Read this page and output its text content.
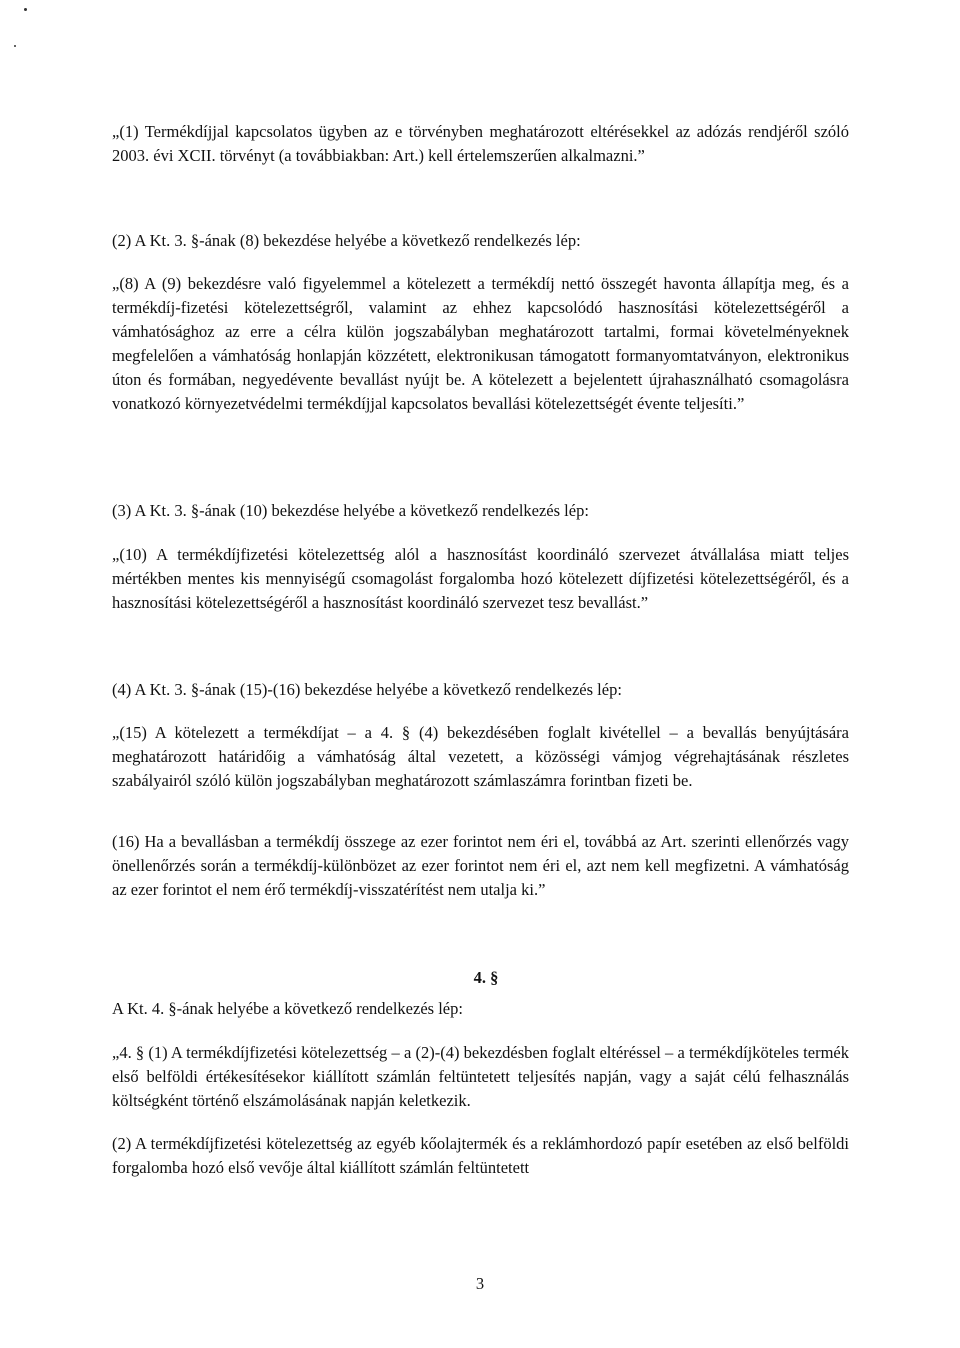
„(1) Termékdíjjal kapcsolatos ügyben az e törvényben meghatározott eltérésekkel az adózás rendjéről szóló 2003. évi XCII. törvényt (a továbbiakban: Art.) kell értelemszerűen alkalmazni.”

(2) A Kt. 3. §-ának (8) bekezdése helyébe a következő rendelkezés lép:

„(8) A (9) bekezdésre való figyelemmel a kötelezett a termékdíj nettó összegét havonta állapítja meg, és a termékdíj-fizetési kötelezettségről, valamint az ehhez kapcsolódó hasznosítási kötelezettségéről a vámhatósághoz az erre a célra külön jogszabályban meghatározott tartalmi, formai követelményeknek megfelelően a vámhatóság honlapján közzétett, elektronikusan támogatott formanyomtatványon, elektronikus úton és formában, negyedévente bevallást nyújt be. A kötelezett a bejelentett újrahasználható csomagolásra vonatkozó környezetvédelmi termékdíjjal kapcsolatos bevallási kötelezettségét évente teljesíti.”

(3) A Kt. 3. §-ának (10) bekezdése helyébe a következő rendelkezés lép:

„(10) A termékdíjfizetési kötelezettség alól a hasznosítást koordináló szervezet átvállalása miatt teljes mértékben mentes kis mennyiségű csomagolást forgalomba hozó kötelezett díjfizetési kötelezettségéről, és a hasznosítási kötelezettségéről a hasznosítást koordináló szervezet tesz bevallást.”

(4) A Kt. 3. §-ának (15)-(16) bekezdése helyébe a következő rendelkezés lép:

„(15) A kötelezett a termékdíjat – a 4. § (4) bekezdésében foglalt kivétellel – a bevallás benyújtására meghatározott határidőig a vámhatóság által vezetett, a közösségi vámjog végrehajtásának részletes szabályairól szóló külön jogszabályban meghatározott számlaszámra forintban fizeti be.

(16) Ha a bevallásban a termékdíj összege az ezer forintot nem éri el, továbbá az Art. szerinti ellenőrzés vagy önellenőrzés során a termékdíj-különbözet az ezer forintot nem éri el, azt nem kell megfizetni. A vámhatóság az ezer forintot el nem érő termékdíj-visszatérítést nem utalja ki.”

4. §

A Kt. 4. §-ának helyébe a következő rendelkezés lép:

„4. § (1) A termékdíjfizetési kötelezettség – a (2)-(4) bekezdésben foglalt eltéréssel – a termékdíjköteles termék első belföldi értékesítésekor kiállított számlán feltüntetett teljesítés napján, vagy a saját célú felhasználás költségként történő elszámolásának napján keletkezik.

(2) A termékdíjfizetési kötelezettség az egyéb kőolajtermék és a reklámhordozó papír esetében az első belföldi forgalomba hozó első vevője által kiállított számlán feltüntetett

3
